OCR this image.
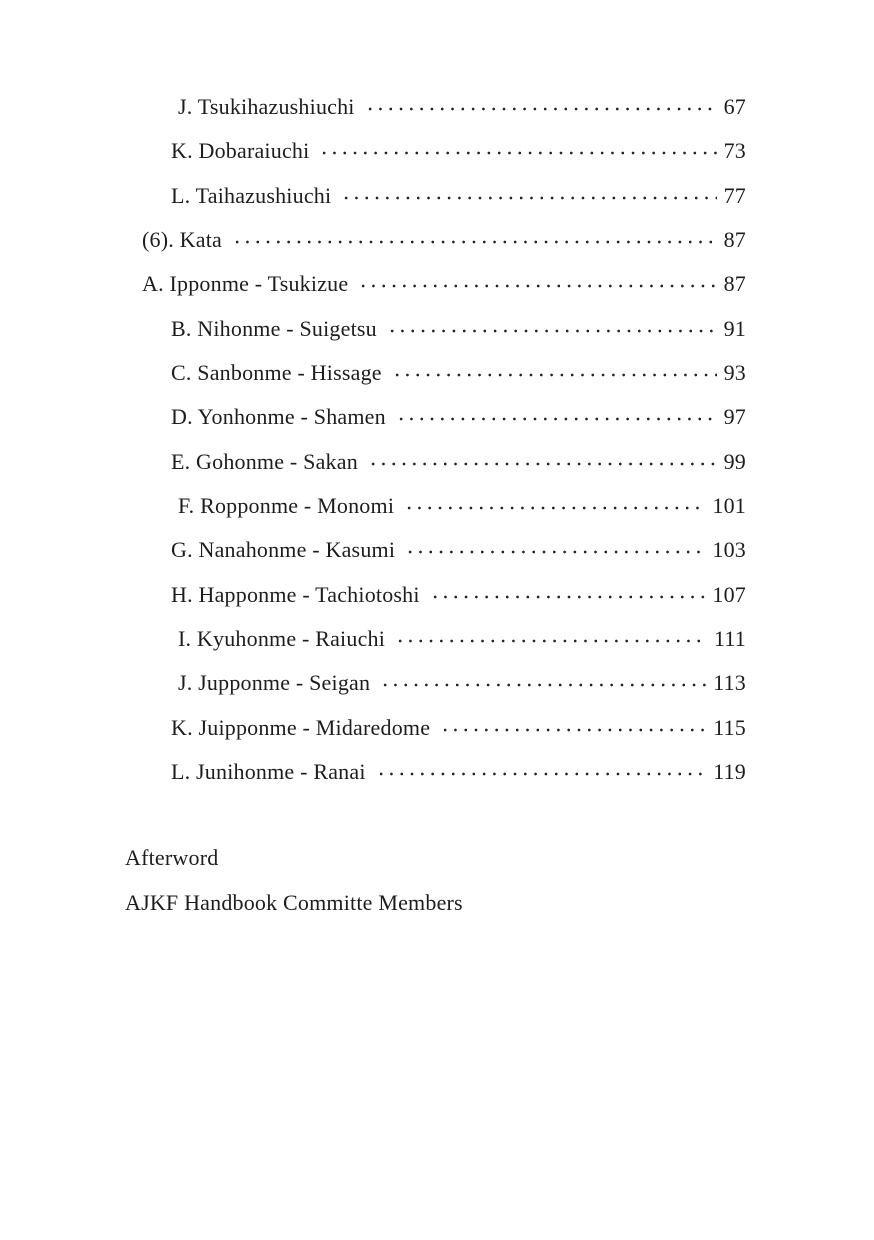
J. Tsukihazushiuchi	67
K. Dobaraiuchi	73
L. Taihazushiuchi	77
(6). Kata	87
A. Ipponme - Tsukizue	87
B. Nihonme - Suigetsu	91
C. Sanbonme - Hissage	93
D. Yonhonme - Shamen	97
E. Gohonme - Sakan	99
F. Ropponme - Monomi	101
G. Nanahonme - Kasumi	103
H. Happonme - Tachiotoshi	107
I. Kyuhonme - Raiuchi	111
J. Jupponme - Seigan	113
K. Juipponme - Midaredome	115
L. Junihonme - Ranai	119
Afterword
AJKF Handbook Committe Members
